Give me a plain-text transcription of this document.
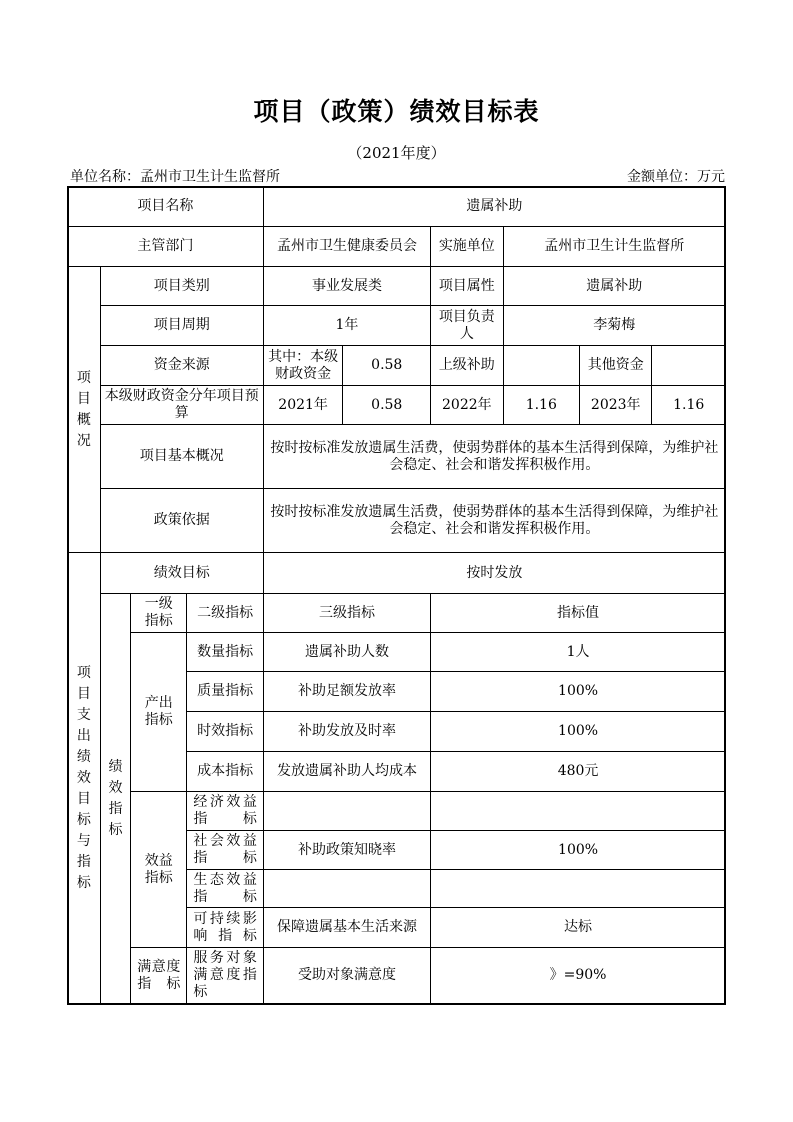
项目（政策）绩效目标表
（2021年度）
单位名称：孟州市卫生计生监督所	金额单位：万元
项目名称				遗属补助					
主管部门				孟州市卫生健康委员会		实施单位	孟州市卫生计生监督所		

项目概况	项目类别			事业发展类		项目属性	遗属补助		
	项目周期			1年		项目负责人	李菊梅		
	资金来源			其中：本级财政资金	0.58	上级补助		其他资金	
	本级财政资金分年项目预算			2021年	0.58	2022年	1.16	2023年	1.16
	项目基本概况			按时按标准发放遗属生活费，使弱势群体的基本生活得到保障，为维护社会稳定、社会和谐发挥积极作用。					
	政策依据			按时按标准发放遗属生活费，使弱势群体的基本生活得到保障，为维护社会稳定、社会和谐发挥积极作用。					

项目支出绩效目标与指标	绩效目标			按时发放					

	绩效指标	一级指标	二级指标	三级指标		指标值			

		产出指标	数量指标	遗属补助人数		1人			
			质量指标	补助足额发放率		100%			
			时效指标	补助发放及时率		100%			
			成本指标	发放遗属补助人均成本		480元			

		效益指标	经济效益指标						
			社会效益指标	补助政策知晓率		100%			
			生态效益指标						
			可持续影响指标	保障遗属基本生活来源		达标			
		满意度指标	服务对象满意度指标	受助对象满意度		》=90%			
